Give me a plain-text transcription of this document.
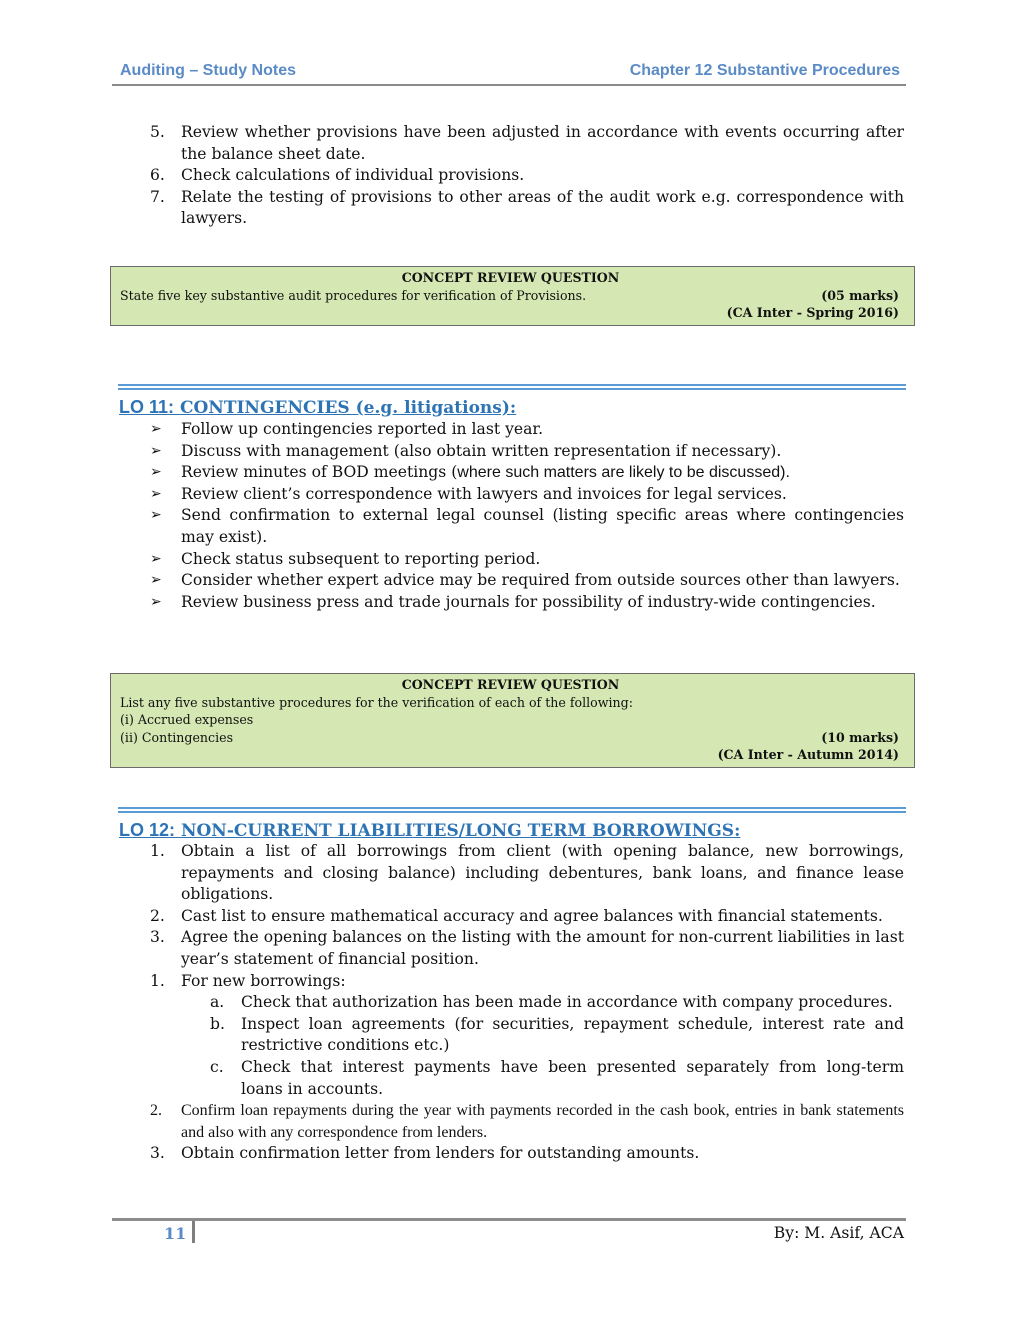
Auditing – Study Notes	Chapter 12 Substantive Procedures
5. Review whether provisions have been adjusted in accordance with events occurring after the balance sheet date.
6. Check calculations of individual provisions.
7. Relate the testing of provisions to other areas of the audit work e.g. correspondence with lawyers.
CONCEPT REVIEW QUESTION
State five key substantive audit procedures for verification of Provisions.	(05 marks)
(CA Inter - Spring 2016)
LO 11: CONTINGENCIES (e.g. litigations):
➢ Follow up contingencies reported in last year.
➢ Discuss with management (also obtain written representation if necessary).
➢ Review minutes of BOD meetings (where such matters are likely to be discussed).
➢ Review client’s correspondence with lawyers and invoices for legal services.
➢ Send confirmation to external legal counsel (listing specific areas where contingencies may exist).
➢ Check status subsequent to reporting period.
➢ Consider whether expert advice may be required from outside sources other than lawyers.
➢ Review business press and trade journals for possibility of industry-wide contingencies.
CONCEPT REVIEW QUESTION
List any five substantive procedures for the verification of each of the following:
(i) Accrued expenses
(ii) Contingencies	(10 marks)
(CA Inter - Autumn 2014)
LO 12: NON-CURRENT LIABILITIES/LONG TERM BORROWINGS:
1. Obtain a list of all borrowings from client (with opening balance, new borrowings, repayments and closing balance) including debentures, bank loans, and finance lease obligations.
2. Cast list to ensure mathematical accuracy and agree balances with financial statements.
3. Agree the opening balances on the listing with the amount for non-current liabilities in last year’s statement of financial position.
1. For new borrowings:
a. Check that authorization has been made in accordance with company procedures.
b. Inspect loan agreements (for securities, repayment schedule, interest rate and restrictive conditions etc.)
c. Check that interest payments have been presented separately from long-term loans in accounts.
2. Confirm loan repayments during the year with payments recorded in the cash book, entries in bank statements and also with any correspondence from lenders.
3. Obtain confirmation letter from lenders for outstanding amounts.
11	By: M. Asif, ACA
